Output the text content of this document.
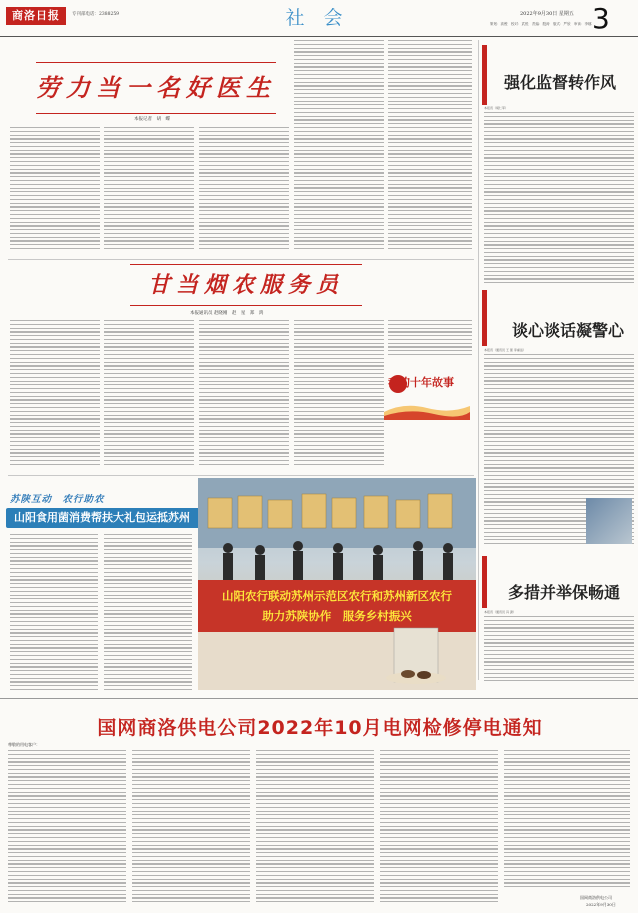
商洛日报	专刊部电话：2388259	社　会	2022年9月30日 星期五 3
策划：高俊　校对：武悦　责编：殷涛　版式：严欣　审读：李娜
劳力当一名好医生
本报记者　胡　蝶
甘当烟农服务员
本报通讯员 赵晓刚　赵　星　郑　鸿
我的十年故事
苏陕互动　农行助农
山阳食用菌消费帮扶大礼包运抵苏州
山阳农行联动苏州示范区农行和苏州新区农行
助力苏陕协作　服务乡村振兴
强化监督转作风
本报讯（胡仁军）
谈心谈话凝警心
本报讯（通讯员 王 蕾 李重远）
多措并举保畅通
本报讯（通讯员 冯 潇）
国网商洛供电公司2022年10月电网检修停电通知
尊敬的用电客户：
国网商洛供电公司
2022年9月30日
